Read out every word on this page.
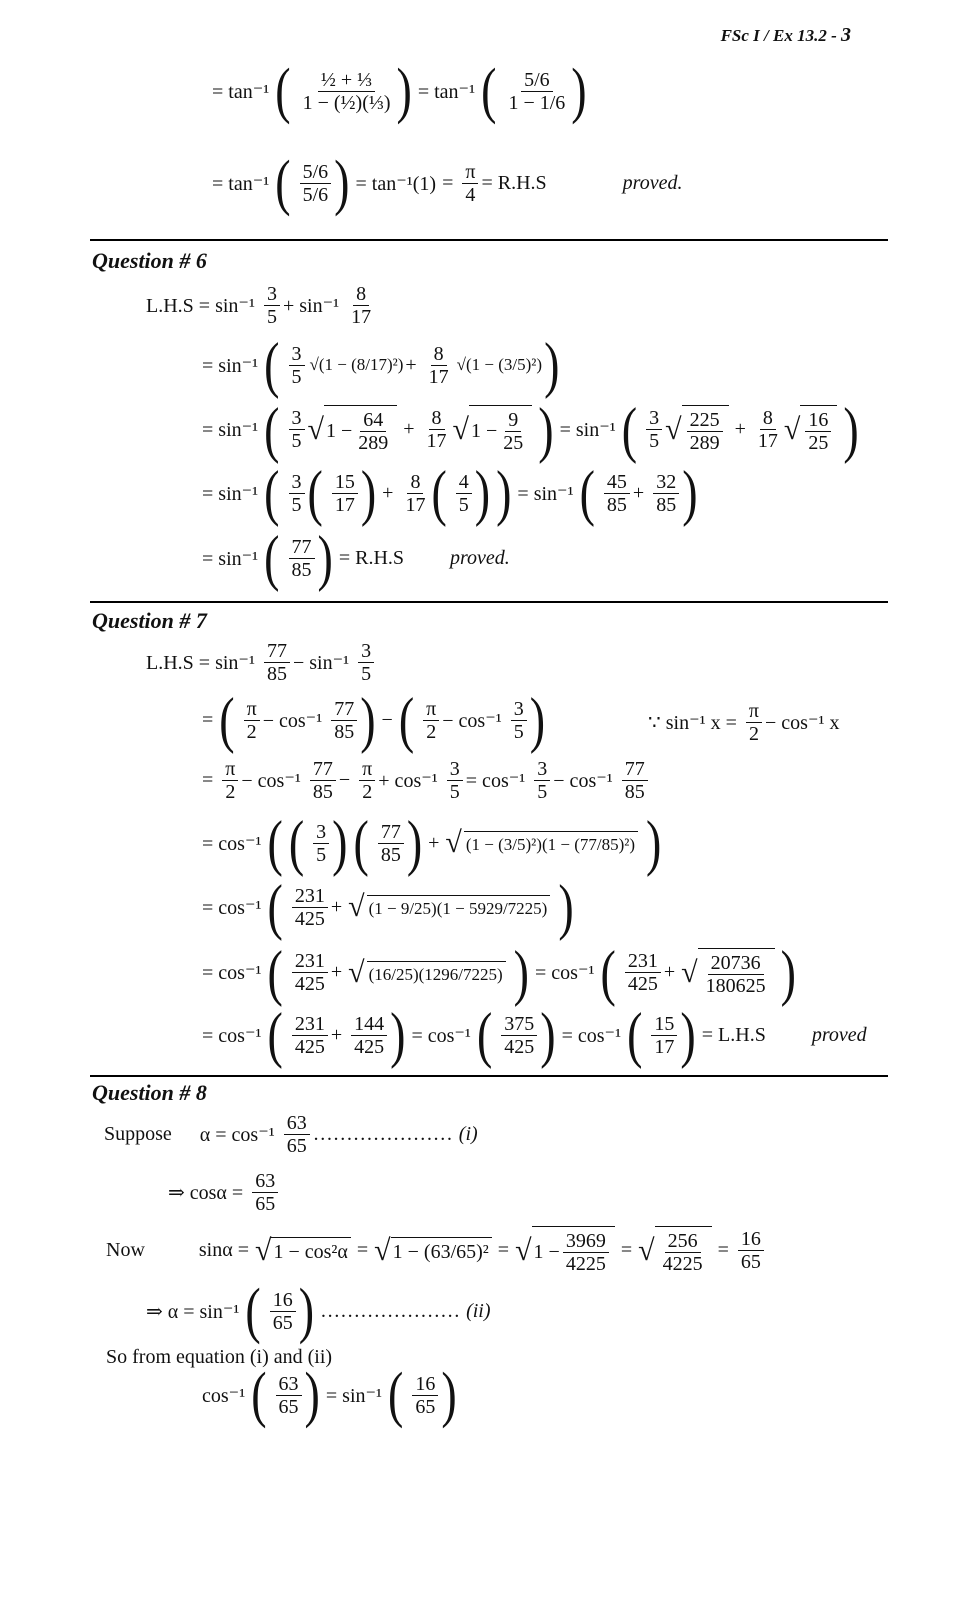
FSc I / Ex 13.2 - 3
= tan⁻¹ ( $\frac{\text{½ + ⅓}}{\text{1 − (½)(⅓)}}$ ) = tan⁻¹ ( $\frac{5/6}{1 - 1/6}$ )
= tan⁻¹ ( $\frac{5/6}{5/6}$ ) = $\tan^{-1}(1) = \frac{\pi}{4} = R.H.S$	proved.
Question # 6
$L.H.S = \sin^{-1} \frac{3}{5} + \sin^{-1} \frac{8}{17}$
= sin⁻¹ ( $\frac{3}{5} √(1 - (8/17)^2) + \frac{8}{17} √(1 - (3/5)^2)$ )
= sin⁻¹ ( $\frac{3}{5}$ √ $1 - \frac{64}{289} + \frac{8}{17}$ √ $1 - \frac{9}{25}$ ) = sin⁻¹ ( $\frac{3}{5}$ √ $\frac{225}{289} + \frac{8}{17}$ √ $\frac{16}{25}$ )
= sin⁻¹ ( $\frac{3}{5}$ ( $\frac{15}{17}$ ) + $\frac{8}{17}$ ( $\frac{4}{5}$ ) ) = sin⁻¹ ( $\frac{45}{85} + \frac{32}{85}$ )
= sin⁻¹ ( $\frac{77}{85}$ ) = R.H.S proved.
Question # 7
$L.H.S = \sin^{-1} \frac{77}{85} - \sin^{-1} \frac{3}{5}$
= ( $\frac{\pi}{2} - \cos^{-1} \frac{77}{85}$ ) − ( $\frac{\pi}{2} - \cos^{-1} \frac{3}{5}$ )	∵ sin⁻¹ $x = \frac{\pi}{2} - \cos^{-1}$ x
= $\frac{\pi}{2} - \cos^{-1} \frac{77}{85} - \frac{\pi}{2} + \cos^{-1} \frac{3}{5} = \cos^{-1} \frac{3}{5} - \cos^{-1} \frac{77}{85}$
= cos⁻¹ ( ( $\frac{3}{5}$ ) ( $\frac{77}{85}$ ) + √ (1 − (3/5)²)(1 − (77/85)²) )
= cos⁻¹ ( $\frac{231}{425}$ + √ (1 − 9/25)(1 − 5929/7225) )
= cos⁻¹ ( $\frac{231}{425}$ + √ (16/25)(1296/7225) ) = cos⁻¹ ( $\frac{231}{425}$ + √ $\frac{20736}{180625}$ )
= cos⁻¹ ( $\frac{231}{425} + \frac{144}{425}$ ) = cos⁻¹ ( $\frac{375}{425}$ ) = cos⁻¹ ( $\frac{15}{17}$ ) = L.H.S proved
Question # 8
Suppose $\alpha = \cos^{-1} \frac{63}{65}$ ………………… (i)
⇒ $\cos\alpha = \frac{63}{65}$
Now	sinα = √ 1 − cos²α = √ 1 − (63/65)² = √ $1 - \frac{3969}{4225}$ = √ $\frac{256}{4225} = \frac{16}{65}$
⇒ α = sin⁻¹ ( $\frac{16}{65}$ ) ………………… (ii)
So from equation (i) and (ii)
cos⁻¹ ( $\frac{63}{65}$ ) = sin⁻¹ ( $\frac{16}{65}$ )
